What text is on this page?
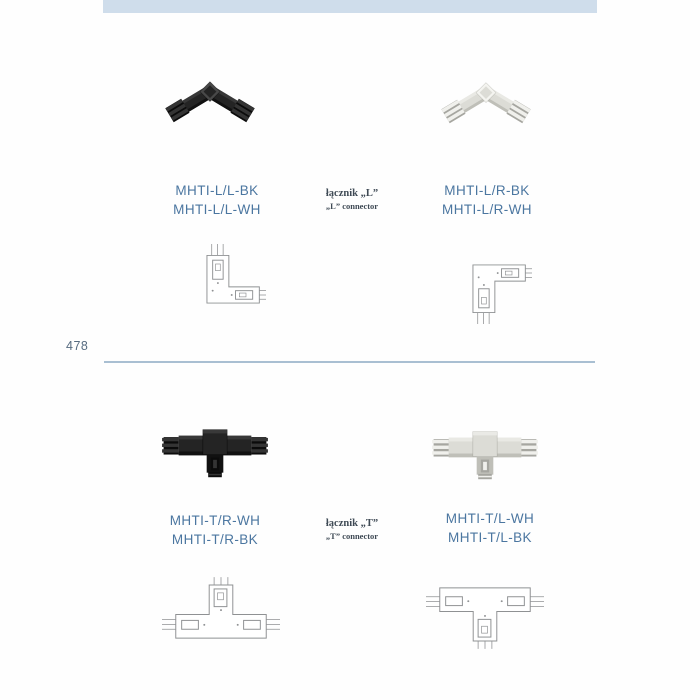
MHTI-L/L-BK
MHTI-L/L-WH
łącznik „L”
„L” connector
MHTI-L/R-BK
MHTI-L/R-WH
478
MHTI-T/R-WH
MHTI-T/R-BK
łącznik „T”
„T” connector
MHTI-T/L-WH
MHTI-T/L-BK
